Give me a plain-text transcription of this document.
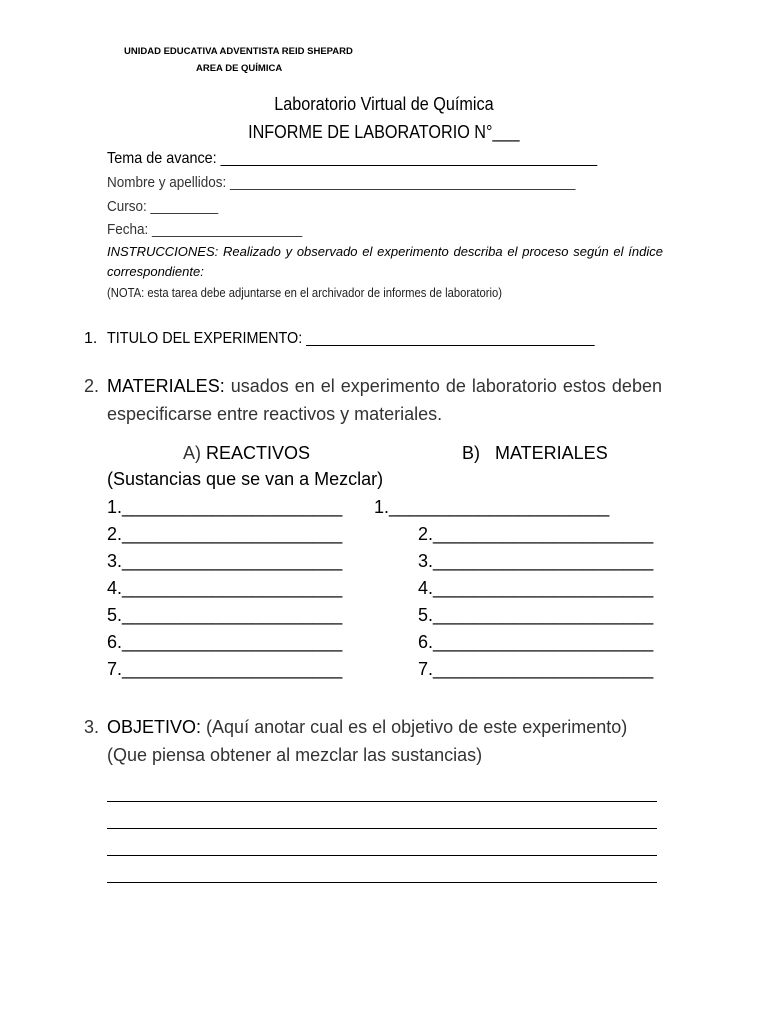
UNIDAD EDUCATIVA ADVENTISTA REID SHEPARD
AREA DE QUÍMICA
Laboratorio Virtual de Química
INFORME DE LABORATORIO N°___
Tema de avance: _______________________________________________
Nombre y apellidos: ______________________________________________
Curso: _________
Fecha: ____________________
INSTRUCCIONES: Realizado y observado el experimento describa el proceso según el índice correspondiente:
(NOTA: esta tarea debe adjuntarse en el archivador de informes de laboratorio)
1. TITULO DEL EXPERIMENTO: ____________________________________
2. MATERIALES: usados en el experimento de laboratorio estos deben especificarse entre reactivos y materiales.
A) REACTIVOS	B)   MATERIALES
(Sustancias que se van a Mezclar)
1.______________________
2.______________________
3.______________________
4.______________________
5.______________________
6.______________________
7.______________________
1.______________________
2.______________________
3.______________________
4.______________________
5.______________________
6.______________________
7.______________________
3. OBJETIVO: (Aquí anotar cual es el objetivo de este experimento) (Que piensa obtener al mezclar las sustancias)
